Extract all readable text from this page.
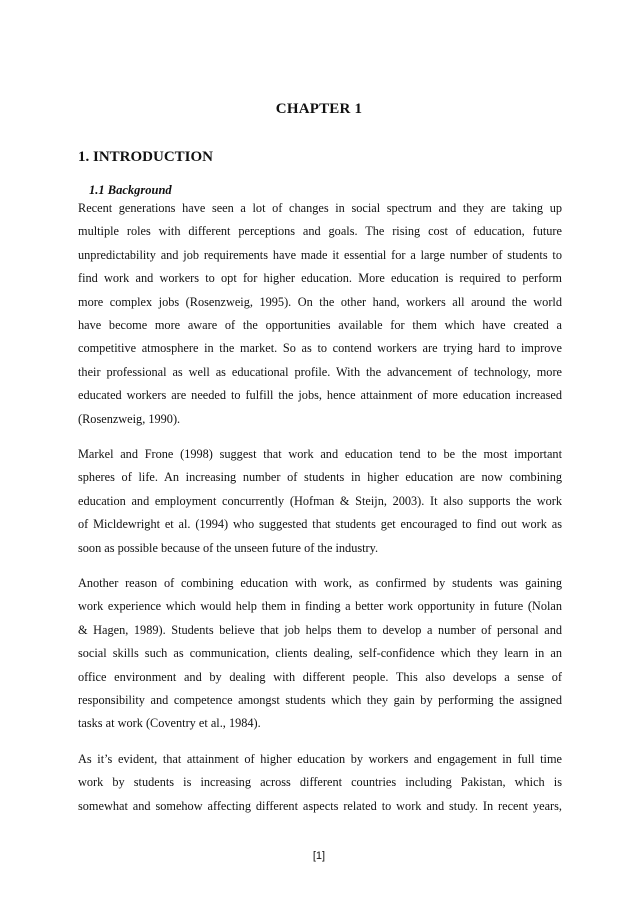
CHAPTER 1
1. INTRODUCTION
1.1 Background
Recent generations have seen a lot of changes in social spectrum and they are taking up
multiple roles with different perceptions and goals. The rising cost of education, future
unpredictability and job requirements have made it essential for a large number of students to
find work and workers to opt for higher education. More education is required to perform
more complex jobs (Rosenzweig, 1995). On the other hand, workers all around the world
have become more aware of the opportunities available for them which have created a
competitive atmosphere in the market. So as to contend workers are trying hard to improve
their professional as well as educational profile. With the advancement of technology, more
educated workers are needed to fulfill the jobs, hence attainment of more education increased
(Rosenzweig, 1990).
Markel and Frone (1998) suggest that work and education tend to be the most important
spheres of life. An increasing number of students in higher education are now combining
education and employment concurrently (Hofman & Steijn, 2003). It also supports the work
of Micldewright et al. (1994) who suggested that students get encouraged to find out work as
soon as possible because of the unseen future of the industry.
Another reason of combining education with work, as confirmed by students was gaining
work experience which would help them in finding a better work opportunity in future (Nolan
& Hagen, 1989). Students believe that job helps them to develop a number of personal and
social skills such as communication, clients dealing, self-confidence which they learn in an
office environment and by dealing with different people. This also develops a sense of
responsibility and competence amongst students which they gain by performing the assigned
tasks at work (Coventry et al., 1984).
As it’s evident, that attainment of higher education by workers and engagement in full time
work by students is increasing across different countries including Pakistan, which is
somewhat and somehow affecting different aspects related to work and study. In recent years,
[1]
